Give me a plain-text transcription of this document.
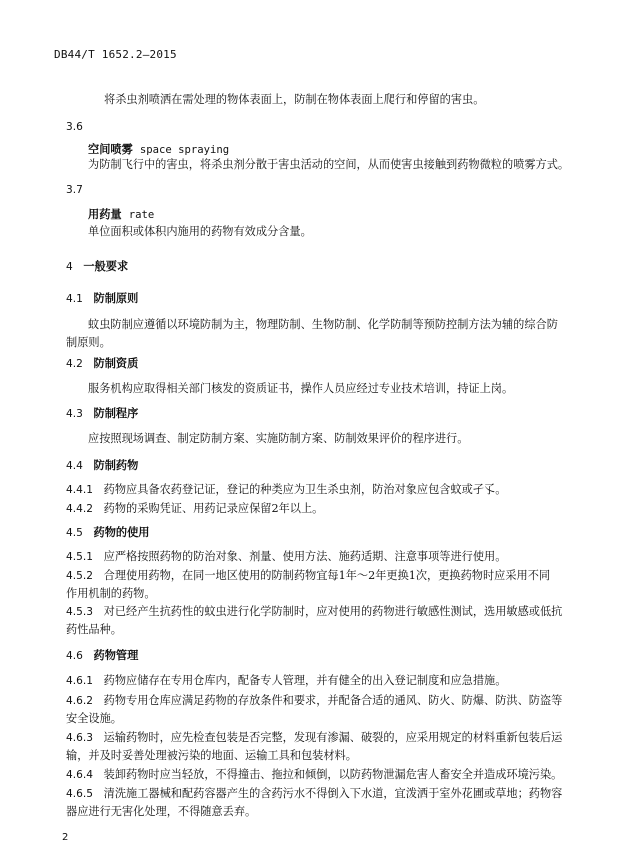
DB44/T 1652.2—2015
将杀虫剂喷洒在需处理的物体表面上，防制在物体表面上爬行和停留的害虫。
3.6
空间喷雾 space spraying
为防制飞行中的害虫，将杀虫剂分散于害虫活动的空间，从而使害虫接触到药物微粒的喷雾方式。
3.7
用药量 rate
单位面积或体积内施用的药物有效成分含量。
4 一般要求
4.1 防制原则
蚊虫防制应遵循以环境防制为主，物理防制、生物防制、化学防制等预防控制方法为辅的综合防
制原则。
4.2 防制资质
服务机构应取得相关部门核发的资质证书，操作人员应经过专业技术培训，持证上岗。
4.3 防制程序
应按照现场调查、制定防制方案、实施防制方案、防制效果评价的程序进行。
4.4 防制药物
4.4.1 药物应具备农药登记证，登记的种类应为卫生杀虫剂，防治对象应包含蚊或孑孓。
4.4.2 药物的采购凭证、用药记录应保留2年以上。
4.5 药物的使用
4.5.1 应严格按照药物的防治对象、剂量、使用方法、施药适期、注意事项等进行使用。
4.5.2 合理使用药物，在同一地区使用的防制药物宜每1年～2年更换1次，更换药物时应采用不同
作用机制的药物。
4.5.3 对已经产生抗药性的蚊虫进行化学防制时，应对使用的药物进行敏感性测试，选用敏感或低抗
药性品种。
4.6 药物管理
4.6.1 药物应储存在专用仓库内，配备专人管理，并有健全的出入登记制度和应急措施。
4.6.2 药物专用仓库应满足药物的存放条件和要求，并配备合适的通风、防火、防爆、防洪、防盗等
安全设施。
4.6.3 运输药物时，应先检查包装是否完整，发现有渗漏、破裂的，应采用规定的材料重新包装后运
输，并及时妥善处理被污染的地面、运输工具和包装材料。
4.6.4 装卸药物时应当轻放，不得撞击、拖拉和倾倒，以防药物泄漏危害人畜安全并造成环境污染。
4.6.5 清洗施工器械和配药容器产生的含药污水不得倒入下水道，宜泼洒于室外花圃或草地；药物容
器应进行无害化处理，不得随意丢弃。
2
